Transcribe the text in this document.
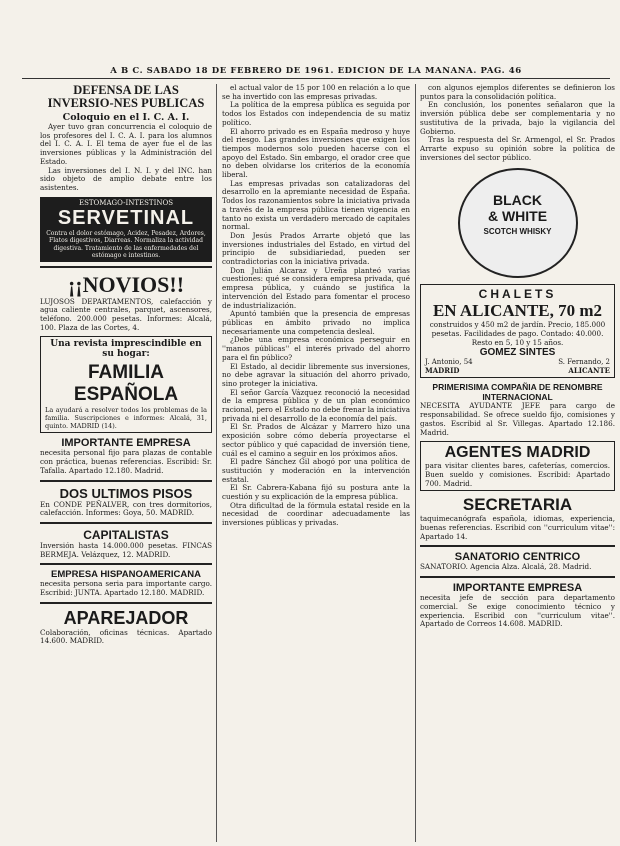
A B C. SABADO 18 DE FEBRERO DE 1961. EDICION DE LA MAÑANA. PAG. 46
DEFENSA DE LAS INVERSIO-NES PUBLICAS
Coloquio en el I. C. A. I.

Ayer tuvo gran concurrencia el coloquio de los profesores del I. C. A. I. para los alumnos del I. C. A. I. El tema de ayer fue el de las inversiones públicas y la Administración del Estado.

Las inversiones del I. N. I. y del INC. han sido objeto de amplio debate entre los asistentes.

ESTOMAGO-INTESTINOS
SERVETINAL

Contra el dolor estómago, Acidez, Pesadez, Ardores, Flatos digestivos, Diarreas. Normaliza la actividad digestiva. Tratamiento de las enfermedades del estómago e intestinos.

¡¡NOVIOS!!

LUJOSOS DEPARTAMENTOS, calefacción y agua caliente centrales, parquet, ascensores, teléfono. 200.000 pesetas. Informes: Alcalá, 100. Plaza de las Cortes, 4.

Una revista imprescindible en su hogar:
FAMILIA
ESPAÑOLA

La ayudará a resolver todos los problemas de la familia. Suscripciones e informes: Alcalá, 31, quinto. MADRID (14).

IMPORTANTE EMPRESA

necesita personal fijo para plazas de contable con práctica, buenas referencias. Escribid: Sr. Tafalla. Apartado 12.180. Madrid.

DOS ULTIMOS PISOS

En CONDE PEÑALVER, con tres dormitorios, calefacción. Informes: Goya, 50. MADRID.

CAPITALISTAS

Inversión hasta 14.000.000 pesetas. FINCAS BERMEJA. Velázquez, 12. MADRID.

EMPRESA HISPANOAMERICANA

necesita persona seria para importante cargo. Escribid: JUNTA. Apartado 12.180. MADRID.

APAREJADOR

Colaboración, oficinas técnicas. Apartado 14.600. MADRID.

el actual valor de 15 por 100 en relación a lo que se ha invertido con las empresas privadas.

La política de la empresa pública es seguida por todos los Estados con independencia de su matiz político.

El ahorro privado es en España medroso y huye del riesgo. Las grandes inversiones que exigen los tiempos modernos solo pueden hacerse con el apoyo del Estado. Sin embargo, el orador cree que no deben olvidarse los criterios de la economía liberal.

Las empresas privadas son catalizadoras del desarrollo en la apremiante necesidad de España. Todos los razonamientos sobre la iniciativa privada a través de la empresa pública tienen vigencia en tanto no exista un verdadero mercado de capitales normal.

Don Jesús Prados Arrarte objetó que las inversiones industriales del Estado, en virtud del principio de subsidiariedad, pueden ser contradictorias con la iniciativa privada.

Don Julián Alcaraz y Ureña planteó varias cuestiones: qué se considera empresa privada, qué empresa pública, y cuándo se justifica la intervención del Estado para fomentar el proceso de industrialización.

Apuntó también que la presencia de empresas públicas en ámbito privado no implica necesariamente una competencia desleal.

¿Debe una empresa económica perseguir en ''manos públicas'' el interés privado del ahorro para el fin público?

El Estado, al decidir libremente sus inversiones, no debe agravar la situación del ahorro privado, sino proteger la iniciativa.

El señor García Vázquez reconoció la necesidad de la empresa pública y de un plan económico racional, pero el Estado no debe frenar la iniciativa privada ni el desarrollo de la economía del país.

El Sr. Prados de Alcázar y Marrero hizo una exposición sobre cómo debería proyectarse el sector público y qué capacidad de inversión tiene, cuál es el camino a seguir en los próximos años.

El padre Sánchez Gil abogó por una política de sustitución y moderación en la intervención estatal.

El Sr. Cabrera-Kabana fijó su postura ante la cuestión y su explicación de la empresa pública.

Otra dificultad de la fórmula estatal reside en la necesidad de coordinar adecuadamente las inversiones públicas y privadas.

con algunos ejemplos diferentes se definieron los puntos para la consolidación política.

En conclusión, los ponentes señalaron que la inversión pública debe ser complementaria y no sustitutiva de la privada, bajo la vigilancia del Gobierno.

Tras la respuesta del Sr. Armengol, el Sr. Prados Arrarte expuso su opinión sobre la política de inversiones del sector público.

BLACK
& WHITE
SCOTCH WHISKY
CHALETS
EN ALICANTE, 70 m2

construidos y 450 m2 de jardín. Precio, 185.000 pesetas. Facilidades de pago. Contado: 40.000. Resto en 5, 10 y 15 años.

GOMEZ SINTES
J. Antonio, 54	S. Fernando, 2
MADRID	ALICANTE
PRIMERISIMA COMPAÑIA DE RENOMBRE INTERNACIONAL

NECESITA AYUDANTE JEFE para cargo de responsabilidad. Se ofrece sueldo fijo, comisiones y gastos. Escribid al Sr. Villegas. Apartado 12.186. Madrid.

AGENTES MADRID

para visitar clientes bares, cafeterías, comercios. Buen sueldo y comisiones. Escribid: Apartado 700. Madrid.

SECRETARIA

taquimecanógrafa española, idiomas, experiencia, buenas referencias. Escribid con ''curriculum vitae'': Apartado 14.

SANATORIO CENTRICO

SANATORIO. Agencia Alza. Alcalá, 28. Madrid.

IMPORTANTE EMPRESA

necesita jefe de sección para departamento comercial. Se exige conocimiento técnico y experiencia. Escribid con ''curriculum vitae''. Apartado de Correos 14.608. MADRID.
